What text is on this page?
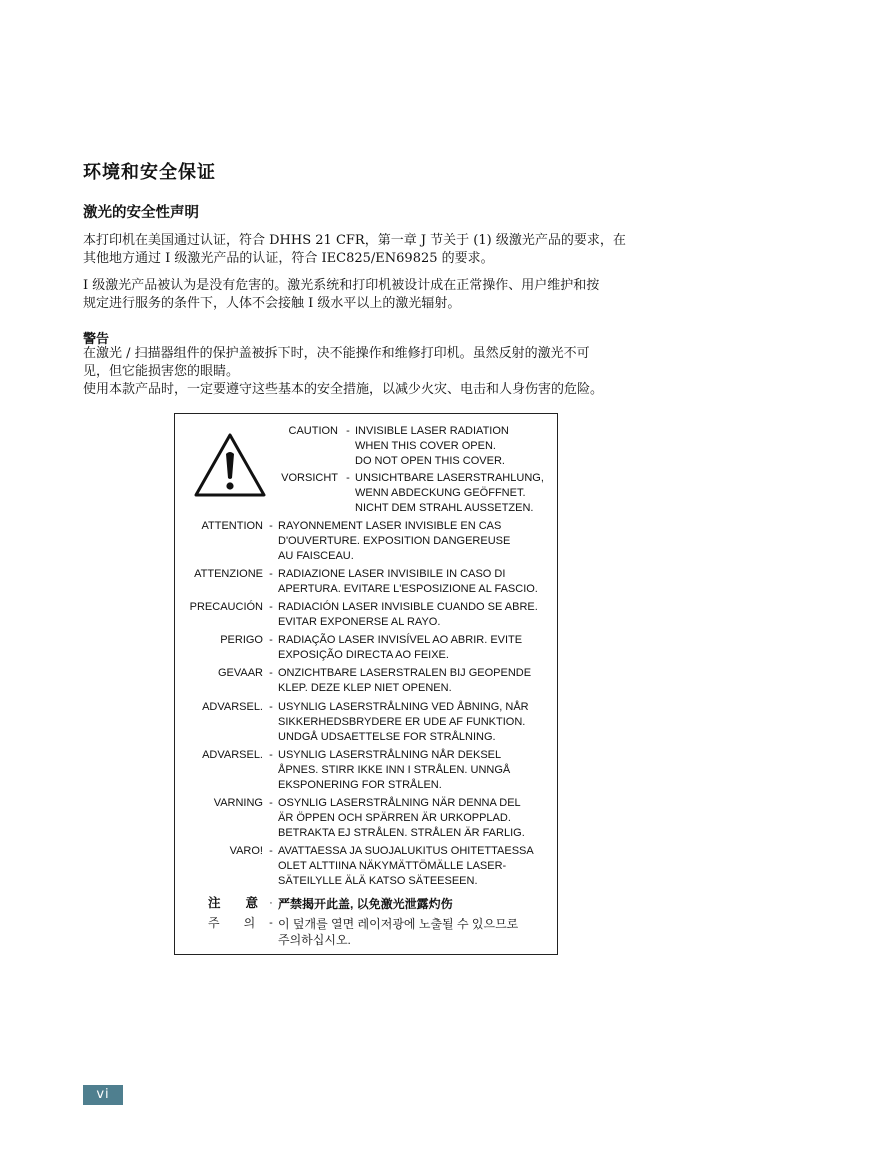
环境和安全保证
激光的安全性声明
本打印机在美国通过认证，符合 DHHS 21 CFR，第一章 J 节关于 (1) 级激光产品的要求，在
其他地方通过 I 级激光产品的认证，符合 IEC825/EN69825 的要求。
I 级激光产品被认为是没有危害的。激光系统和打印机被设计成在正常操作、用户维护和按
规定进行服务的条件下，人体不会接触 I 级水平以上的激光辐射。
警告
在激光 / 扫描器组件的保护盖被拆下时，决不能操作和维修打印机。虽然反射的激光不可
见，但它能损害您的眼睛。
使用本款产品时，一定要遵守这些基本的安全措施，以减少火灾、电击和人身伤害的危险。
CAUTION - INVISIBLE LASER RADIATION
WHEN THIS COVER OPEN.
DO NOT OPEN THIS COVER.
VORSICHT - UNSICHTBARE LASERSTRAHLUNG,
WENN ABDECKUNG GEÖFFNET.
NICHT DEM STRAHL AUSSETZEN.
ATTENTION - RAYONNEMENT LASER INVISIBLE EN CAS
D'OUVERTURE. EXPOSITION DANGEREUSE
AU FAISCEAU.
ATTENZIONE - RADIAZIONE LASER INVISIBILE IN CASO DI
APERTURA. EVITARE L'ESPOSIZIONE AL FASCIO.
PRECAUCIÓN - RADIACIÓN LASER INVISIBLE CUANDO SE ABRE.
EVITAR EXPONERSE AL RAYO.
PERIGO - RADIAÇÃO LASER INVISÍVEL AO ABRIR. EVITE
EXPOSIÇÃO DIRECTA AO FEIXE.
GEVAAR - ONZICHTBARE LASERSTRALEN BIJ GEOPENDE
KLEP. DEZE KLEP NIET OPENEN.
ADVARSEL. - USYNLIG LASERSTRÅLNING VED ÅBNING, NÅR
SIKKERHEDSBRYDERE ER UDE AF FUNKTION.
UNDGÅ UDSAETTELSE FOR STRÅLNING.
ADVARSEL. - USYNLIG LASERSTRÅLNING NÅR DEKSEL
ÅPNES. STIRR IKKE INN I STRÅLEN. UNNGÅ
EKSPONERING FOR STRÅLEN.
VARNING - OSYNLIG LASERSTRÅLNING NÄR DENNA DEL
ÄR ÖPPEN OCH SPÄRREN ÄR URKOPPLAD.
BETRAKTA EJ STRÅLEN. STRÅLEN ÄR FARLIG.
VARO! - AVATTAESSA JA SUOJALUKITUS OHITETTAESSA
OLET ALTTIINA NÄKYMÄTTÖMÄLLE LASER-
SÄTEILYLLE ÄLÄ KATSO SÄTEESEEN.
注　　意	· 严禁揭开此盖, 以免激光泄露灼伤
주　　의	- 이 덮개를 열면 레이저광에 노출될 수 있으므로
주의하십시오.
vi
